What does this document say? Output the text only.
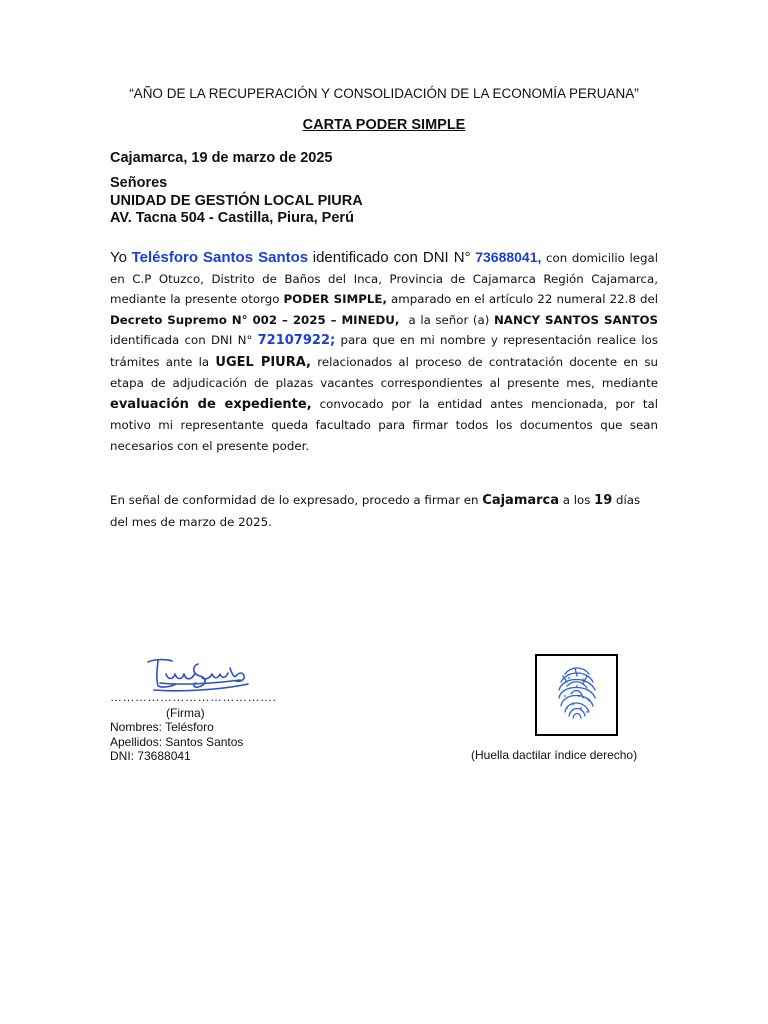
“AÑO DE LA RECUPERACIÓN Y CONSOLIDACIÓN DE LA ECONOMÍA PERUANA”
CARTA PODER SIMPLE
Cajamarca, 19 de marzo de 2025
Señores
UNIDAD DE GESTIÓN LOCAL PIURA
AV. Tacna 504 - Castilla, Piura, Perú
Yo Telésforo Santos Santos identificado con DNI N° 73688041, con domicilio legal en C.P Otuzco, Distrito de Baños del Inca, Provincia de Cajamarca Región Cajamarca, mediante la presente otorgo PODER SIMPLE, amparado en el artículo 22 numeral 22.8 del Decreto Supremo N° 002 – 2025 – MINEDU, a la señor (a) NANCY SANTOS SANTOS identificada con DNI N° 72107922; para que en mi nombre y representación realice los trámites ante la UGEL PIURA, relacionados al proceso de contratación docente en su etapa de adjudicación de plazas vacantes correspondientes al presente mes, mediante evaluación de expediente, convocado por la entidad antes mencionada, por tal motivo mi representante queda facultado para firmar todos los documentos que sean necesarios con el presente poder.
En señal de conformidad de lo expresado, procedo a firmar en Cajamarca a los 19 días del mes de marzo de 2025.
………………………………….
(Firma)
Nombres: Telésforo
Apellidos: Santos Santos
DNI: 73688041	(Huella dactilar índice derecho)
